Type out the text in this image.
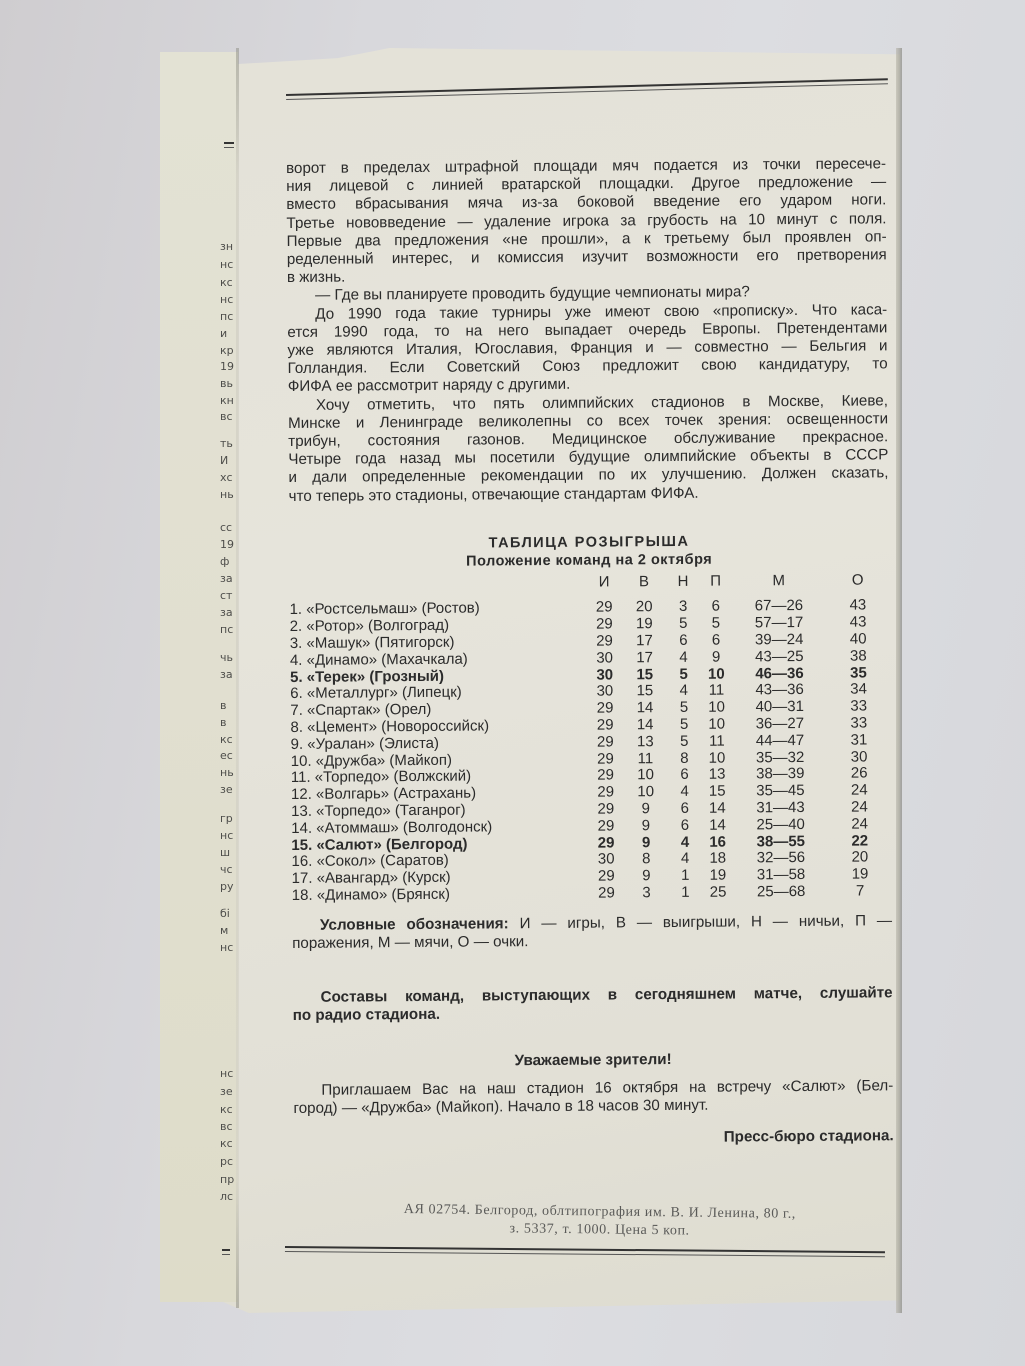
зн
нс
кс
нс
пс
и
кр
19
вь
кн
вс
ть
И
хс
нь
сс
19
ф
за
ст
за
пс
чь
за
в
в
кс
ес
нь
зе
гр
нс
ш
чс
ру
бі
м
нс
нс
зе
кс
вс
кс
рс
пр
лс

ворот в пределах штрафной площади мяч подается из точки пересече-

ния лицевой с линией вратарской площадки. Другое предложение —

вместо вбрасывания мяча из-за боковой введение его ударом ноги.

Третье нововведение — удаление игрока за грубость на 10 минут с поля.

Первые два предложения «не прошли», а к третьему был проявлен оп-

ределенный интерес, и комиссия изучит возможности его претворения

в жизнь.

— Где вы планируете проводить будущие чемпионаты мира?

До 1990 года такие турниры уже имеют свою «прописку». Что каса-

ется 1990 года, то на него выпадает очередь Европы. Претендентами

уже являются Италия, Югославия, Франция и — совместно — Бельгия и

Голландия. Если Советский Союз предложит свою кандидатуру, то

ФИФА ее рассмотрит наряду с другими.

Хочу отметить, что пять олимпийских стадионов в Москве, Киеве,

Минске и Ленинграде великолепны со всех точек зрения: освещенности

трибун, состояния газонов. Медицинское обслуживание прекрасное.

Четыре года назад мы посетили будущие олимпийские объекты в СССР

и дали определенные рекомендации по их улучшению. Должен сказать,

что теперь это стадионы, отвечающие стандартам ФИФА.

ТАБЛИЦА РОЗЫГРЫША
Положение команд на 2 октября
	И	В	Н	П	М	О
1. «Ростсельмаш» (Ростов)	29	20	3	6	67—26	43
2. «Ротор» (Волгоград)	29	19	5	5	57—17	43
3. «Машук» (Пятигорск)	29	17	6	6	39—24	40
4. «Динамо» (Махачкала)	30	17	4	9	43—25	38
5. «Терек» (Грозный)	30	15	5	10	46—36	35
6. «Металлург» (Липецк)	30	15	4	11	43—36	34
7. «Спартак» (Орел)	29	14	5	10	40—31	33
8. «Цемент» (Новороссийск)	29	14	5	10	36—27	33
9. «Уралан» (Элиста)	29	13	5	11	44—47	31
10. «Дружба» (Майкоп)	29	11	8	10	35—32	30
11. «Торпедо» (Волжский)	29	10	6	13	38—39	26
12. «Волгарь» (Астрахань)	29	10	4	15	35—45	24
13. «Торпедо» (Таганрог)	29	9	6	14	31—43	24
14. «Атоммаш» (Волгодонск)	29	9	6	14	25—40	24
15. «Салют» (Белгород)	29	9	4	16	38—55	22
16. «Сокол» (Саратов)	30	8	4	18	32—56	20
17. «Авангард» (Курск)	29	9	1	19	31—58	19
18. «Динамо» (Брянск)	29	3	1	25	25—68	7

Условные обозначения: И — игры, В — выигрыши, Н — ничьи, П —

поражения, М — мячи, О — очки.

Составы команд, выступающих в сегодняшнем матче, слушайте

по радио стадиона.

Уважаемые зрители!

Приглашаем Вас на наш стадион 16 октября на встречу «Салют» (Бел-

город) — «Дружба» (Майкоп). Начало в 18 часов 30 минут.

Пресс-бюро стадиона.
АЯ 02754. Белгород, облтипография им. В. И. Ленина, 80 г.,
з. 5337, т. 1000. Цена 5 коп.
